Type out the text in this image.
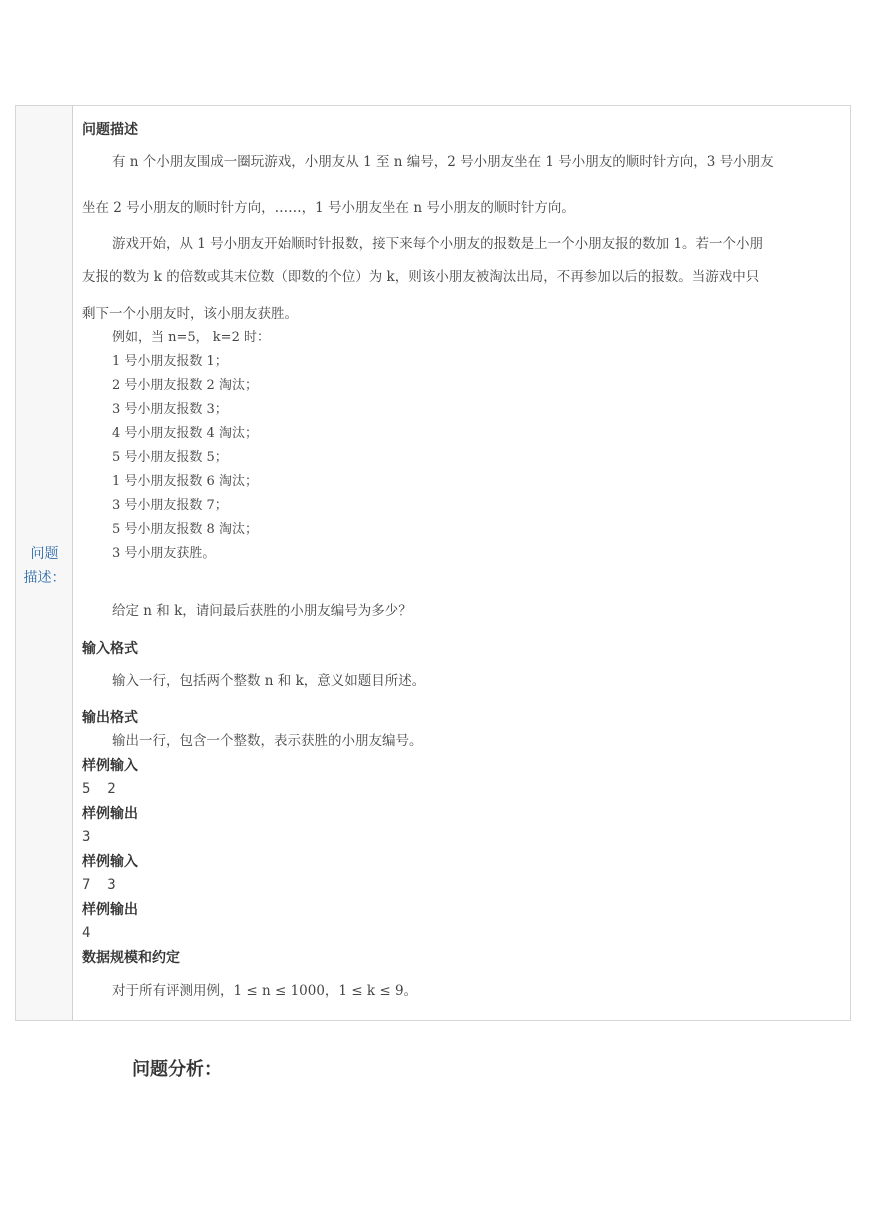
问题
描述：
问题描述
有 n 个小朋友围成一圈玩游戏，小朋友从 1 至 n 编号，2 号小朋友坐在 1 号小朋友的顺时针方向，3 号小朋友
坐在 2 号小朋友的顺时针方向，……，1 号小朋友坐在 n 号小朋友的顺时针方向。
游戏开始，从 1 号小朋友开始顺时针报数，接下来每个小朋友的报数是上一个小朋友报的数加 1。若一个小朋
友报的数为 k 的倍数或其末位数（即数的个位）为 k，则该小朋友被淘汰出局，不再参加以后的报数。当游戏中只
剩下一个小朋友时，该小朋友获胜。
例如，当 n=5， k=2 时：
1 号小朋友报数 1；
2 号小朋友报数 2 淘汰；
3 号小朋友报数 3；
4 号小朋友报数 4 淘汰；
5 号小朋友报数 5；
1 号小朋友报数 6 淘汰；
3 号小朋友报数 7；
5 号小朋友报数 8 淘汰；
3 号小朋友获胜。
给定 n 和 k，请问最后获胜的小朋友编号为多少？
输入格式
输入一行，包括两个整数 n 和 k，意义如题目所述。
输出格式
输出一行，包含一个整数，表示获胜的小朋友编号。
样例输入
5  2
样例输出
3
样例输入
7  3
样例输出
4
数据规模和约定
对于所有评测用例，1 ≤ n ≤ 1000，1 ≤ k ≤ 9。
问题分析：
